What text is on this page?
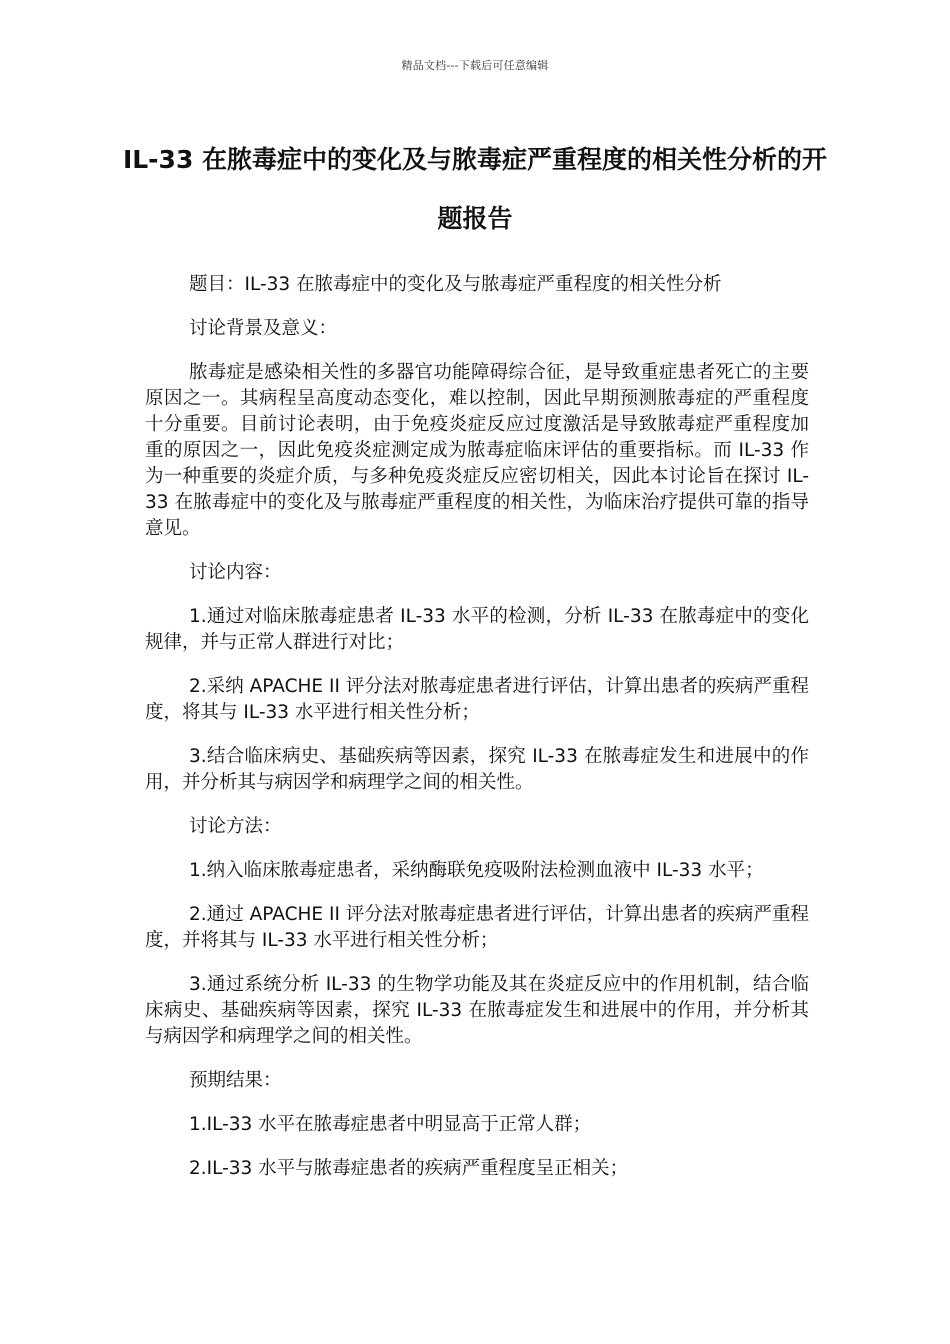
精品文档---下载后可任意编辑
IL-33 在脓毒症中的变化及与脓毒症严重程度的相关性分析的开题报告

题目：IL-33 在脓毒症中的变化及与脓毒症严重程度的相关性分析

讨论背景及意义：

脓毒症是感染相关性的多器官功能障碍综合征，是导致重症患者死亡的主要原因之一。其病程呈高度动态变化，难以控制，因此早期预测脓毒症的严重程度十分重要。目前讨论表明，由于免疫炎症反应过度激活是导致脓毒症严重程度加重的原因之一，因此免疫炎症测定成为脓毒症临床评估的重要指标。而 IL-33 作为一种重要的炎症介质，与多种免疫炎症反应密切相关，因此本讨论旨在探讨 IL-33 在脓毒症中的变化及与脓毒症严重程度的相关性，为临床治疗提供可靠的指导意见。

讨论内容：

1.通过对临床脓毒症患者 IL-33 水平的检测，分析 IL-33 在脓毒症中的变化规律，并与正常人群进行对比；

2.采纳 APACHE II 评分法对脓毒症患者进行评估，计算出患者的疾病严重程度，将其与 IL-33 水平进行相关性分析；

3.结合临床病史、基础疾病等因素，探究 IL-33 在脓毒症发生和进展中的作用，并分析其与病因学和病理学之间的相关性。

讨论方法：

1.纳入临床脓毒症患者，采纳酶联免疫吸附法检测血液中 IL-33 水平；

2.通过 APACHE II 评分法对脓毒症患者进行评估，计算出患者的疾病严重程度，并将其与 IL-33 水平进行相关性分析；

3.通过系统分析 IL-33 的生物学功能及其在炎症反应中的作用机制，结合临床病史、基础疾病等因素，探究 IL-33 在脓毒症发生和进展中的作用，并分析其与病因学和病理学之间的相关性。

预期结果：

1.IL-33 水平在脓毒症患者中明显高于正常人群；

2.IL-33 水平与脓毒症患者的疾病严重程度呈正相关；
